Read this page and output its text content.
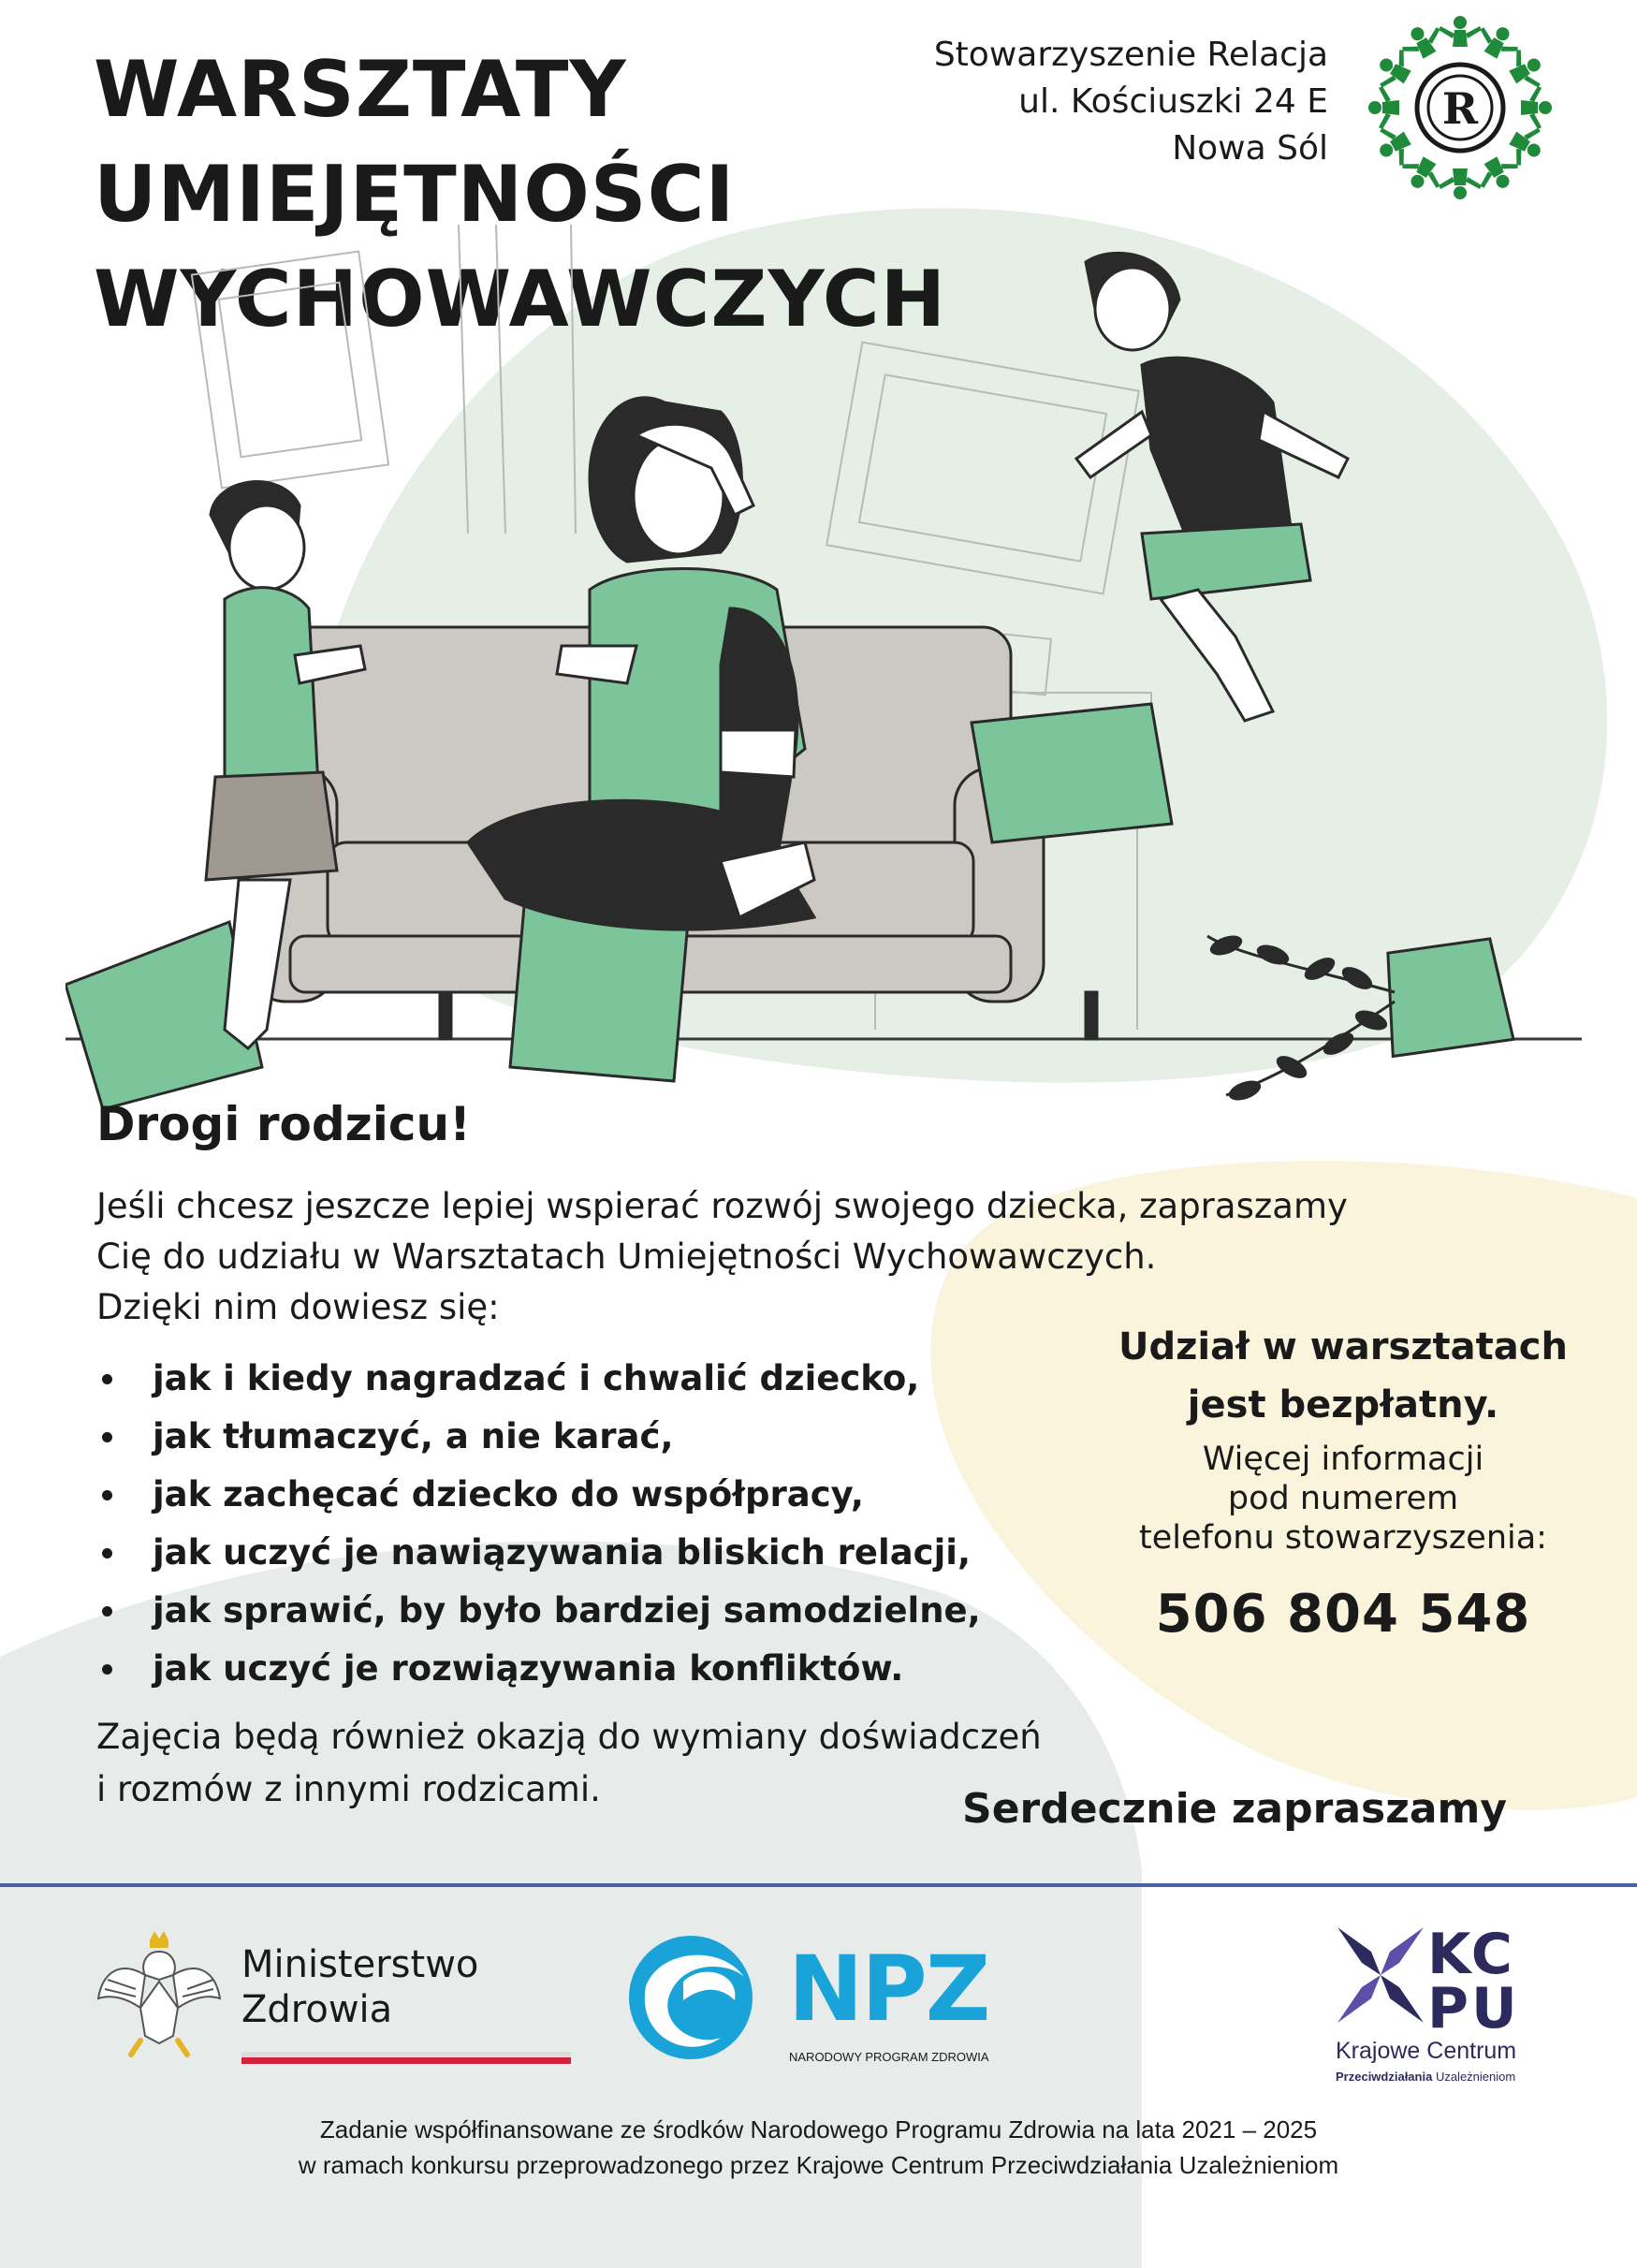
WARSZTATY
UMIEJĘTNOŚCI
WYCHOWAWCZYCH
Stowarzyszenie Relacja
ul. Kościuszki 24 E
Nowa Sól
R
Drogi rodzicu!
Jeśli chcesz jeszcze lepiej wspierać rozwój swojego dziecka, zapraszamy
Cię do udziału w Warsztatach Umiejętności Wychowawczych.
Dzięki nim dowiesz się:
jak i kiedy nagradzać i chwalić dziecko,
jak tłumaczyć, a nie karać,
jak zachęcać dziecko do współpracy,
jak uczyć je nawiązywania bliskich relacji,
jak sprawić, by było bardziej samodzielne,
jak uczyć je rozwiązywania konfliktów.
Zajęcia będą również okazją do wymiany doświadczeń
i rozmów z innymi rodzicami.
Udział w warsztatach
jest bezpłatny.
Więcej informacji
pod numerem
telefonu stowarzyszenia:
506 804 548
Serdecznie zapraszamy
Ministerstwo
Zdrowia	NPZ
NARODOWY PROGRAM ZDROWIA
KC
PU
Krajowe Centrum
Przeciwdziałania Uzależnieniom
Zadanie współfinansowane ze środków Narodowego Programu Zdrowia na lata 2021 – 2025
w ramach konkursu przeprowadzonego przez Krajowe Centrum Przeciwdziałania Uzależnieniom
